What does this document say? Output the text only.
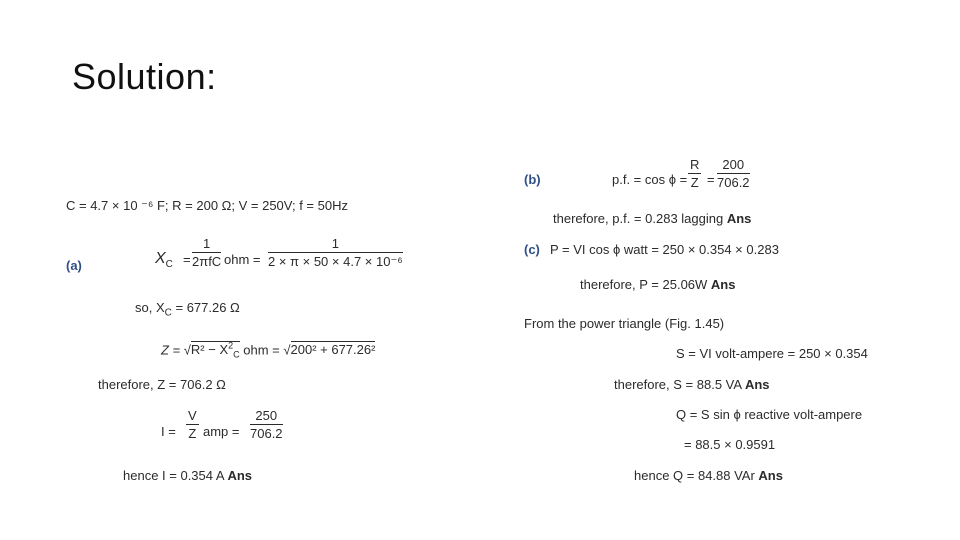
Solution:
C = 4.7 × 10 ⁻⁶ F; R = 200 Ω; V = 250V; f = 50Hz
(a)	$X_C$ =
1
2πfC ohm = $\frac{1}{\text{2 × π × 50 × 4.7 × 10⁻⁶}}$
so, $X_C = 677.26$ Ω
$Z = √R^2 - X^2_C$ ohm = √200² + 677.26²
therefore, Z = 706.2 Ω
$I = \frac{V}{Z}$ amp = $\frac{250}{706.2}$
hence I = 0.354 A Ans
(b)	p.f. = $\cos \phi = \frac{R}{Z} = \frac{200}{706.2}$
therefore, p.f. = 0.283 lagging Ans
(c) P = VI cos ϕ watt = 250 × 0.354 × 0.283
therefore, P = 25.06W Ans
From the power triangle (Fig. 1.45)
S = VI volt-ampere = 250 × 0.354
therefore, S = 88.5 VA Ans
Q = S sin ϕ reactive volt-ampere
= 88.5 × 0.9591
hence Q = 84.88 VAr Ans
